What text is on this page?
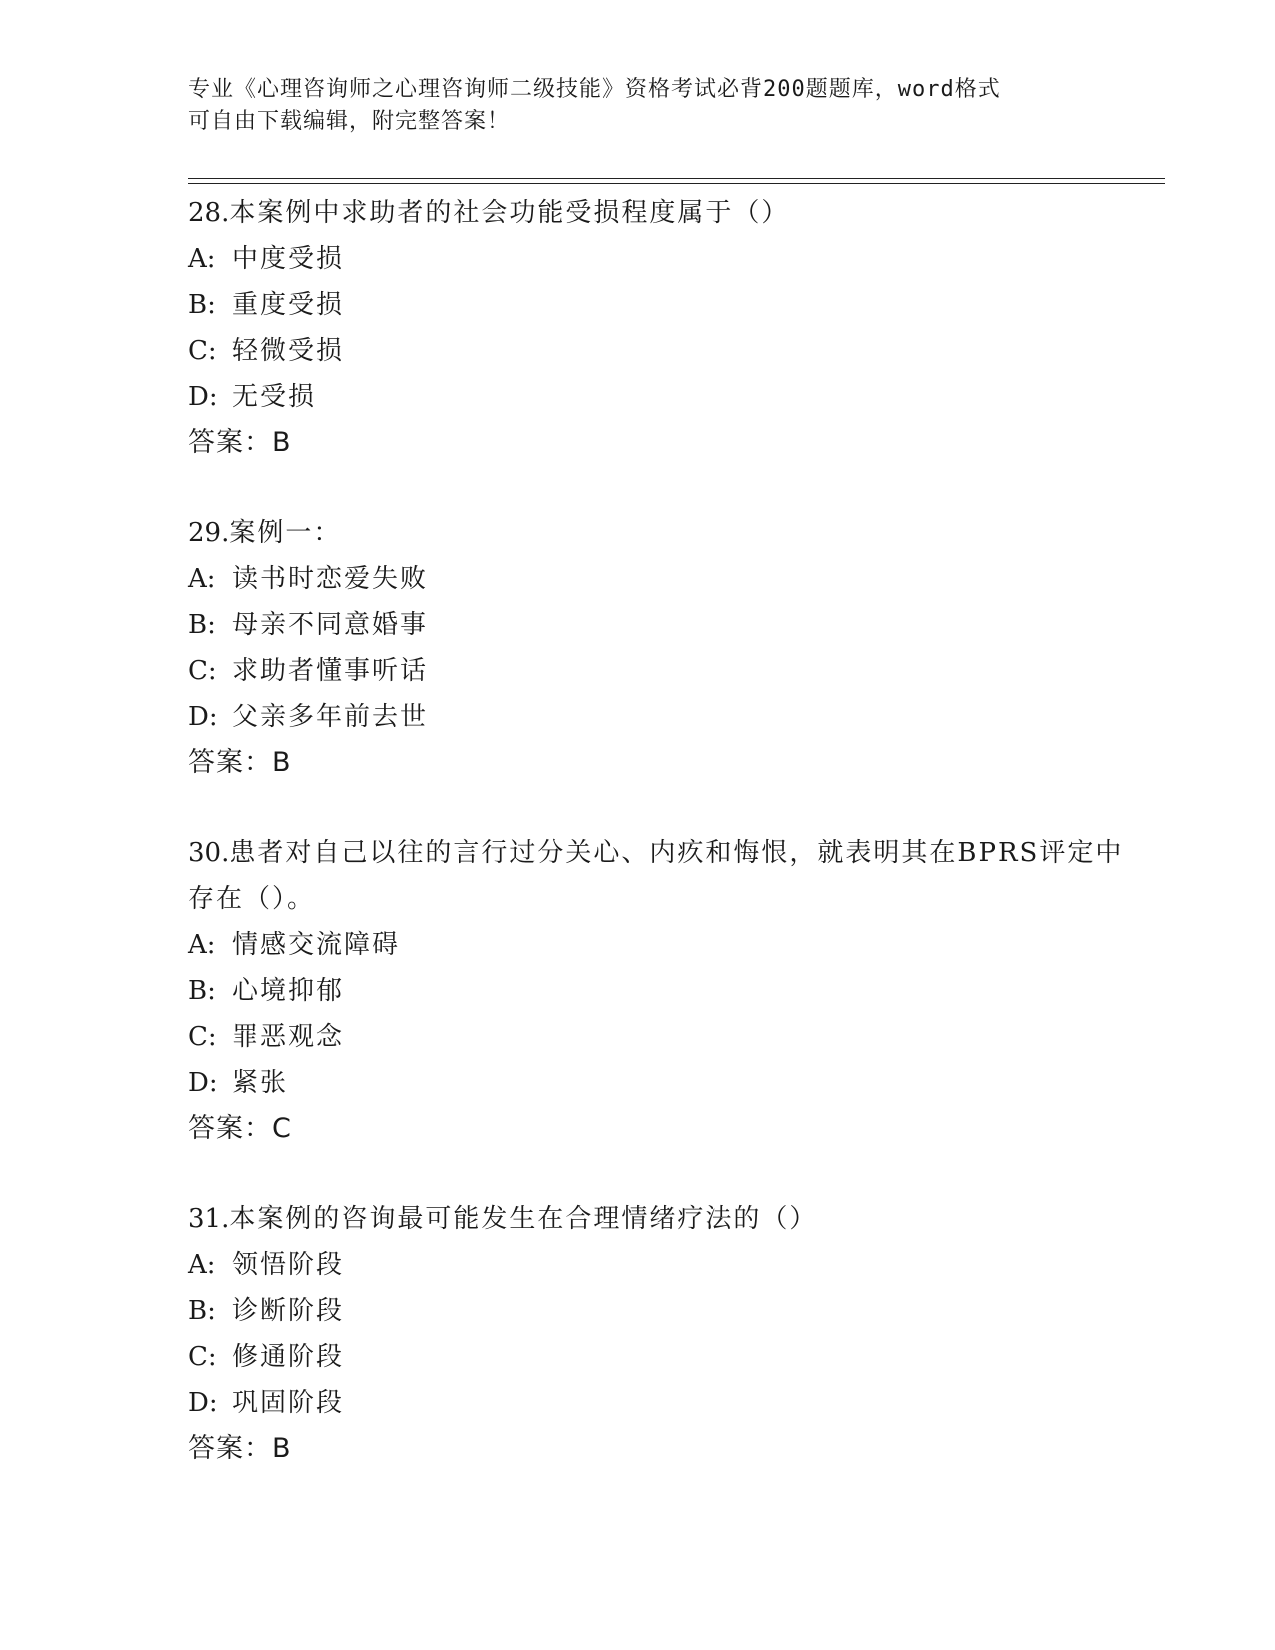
专业《心理咨询师之心理咨询师二级技能》资格考试必背200题题库，word格式
可自由下载编辑，附完整答案！

28.本案例中求助者的社会功能受损程度属于（）

A: 中度受损
B: 重度受损
C: 轻微受损
D: 无受损
答案：B

29.案例一：

A: 读书时恋爱失败
B: 母亲不同意婚事
C: 求助者懂事听话
D: 父亲多年前去世
答案：B

30.患者对自己以往的言行过分关心、内疚和悔恨，就表明其在BPRS评定中存在（）。

A: 情感交流障碍
B: 心境抑郁
C: 罪恶观念
D: 紧张
答案：C

31.本案例的咨询最可能发生在合理情绪疗法的（）

A: 领悟阶段
B: 诊断阶段
C: 修通阶段
D: 巩固阶段
答案：B
